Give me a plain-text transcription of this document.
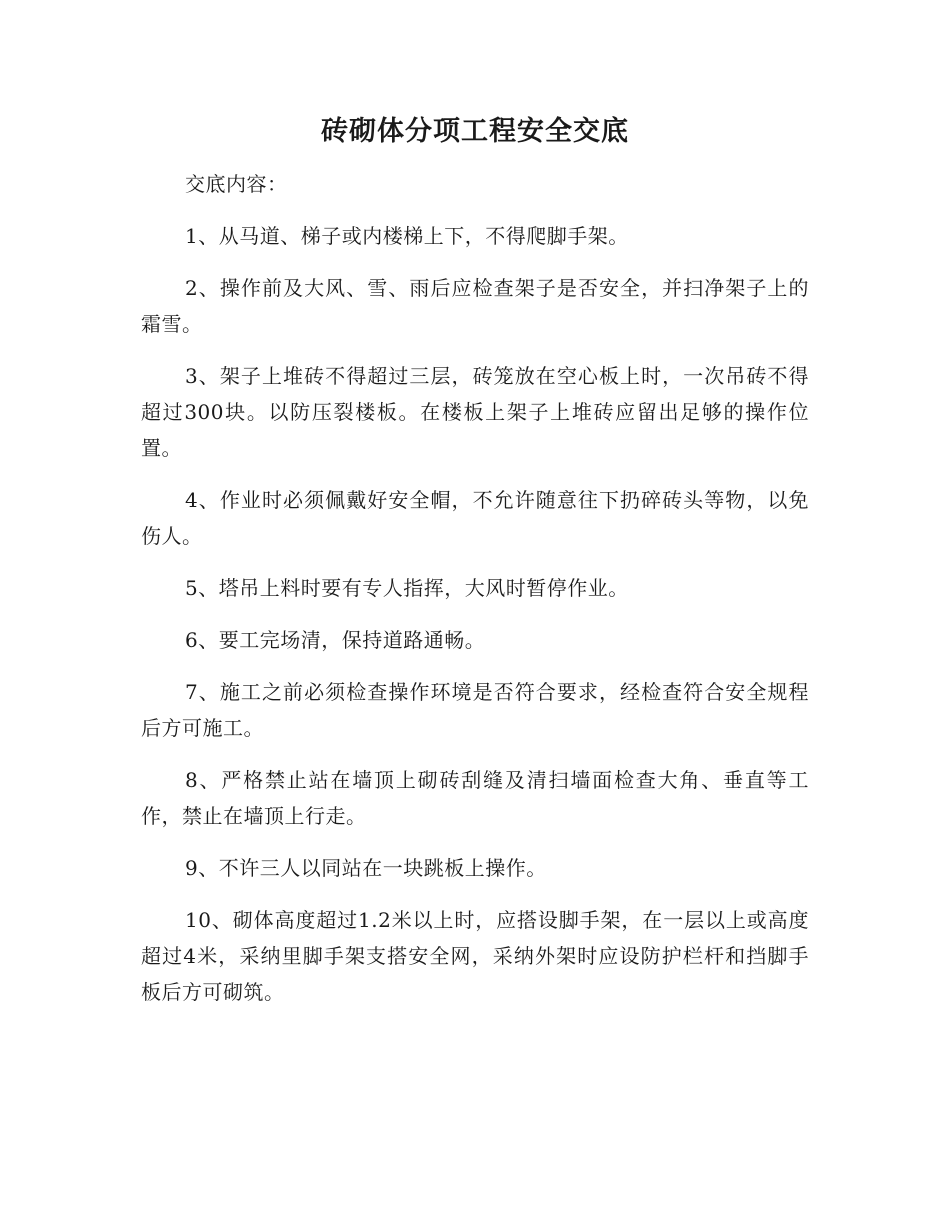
砖砌体分项工程安全交底

交底内容：

1、从马道、梯子或内楼梯上下，不得爬脚手架。

2、操作前及大风、雪、雨后应检查架子是否安全，并扫净架子上的霜雪。

3、架子上堆砖不得超过三层，砖笼放在空心板上时，一次吊砖不得超过300块。以防压裂楼板。在楼板上架子上堆砖应留出足够的操作位置。

4、作业时必须佩戴好安全帽，不允许随意往下扔碎砖头等物，以免伤人。

5、塔吊上料时要有专人指挥，大风时暂停作业。

6、要工完场清，保持道路通畅。

7、施工之前必须检查操作环境是否符合要求，经检查符合安全规程后方可施工。

8、严格禁止站在墙顶上砌砖刮缝及清扫墙面检查大角、垂直等工作，禁止在墙顶上行走。

9、不许三人以同站在一块跳板上操作。

10、砌体高度超过1.2米以上时，应搭设脚手架，在一层以上或高度超过4米，采纳里脚手架支搭安全网，采纳外架时应设防护栏杆和挡脚手板后方可砌筑。
